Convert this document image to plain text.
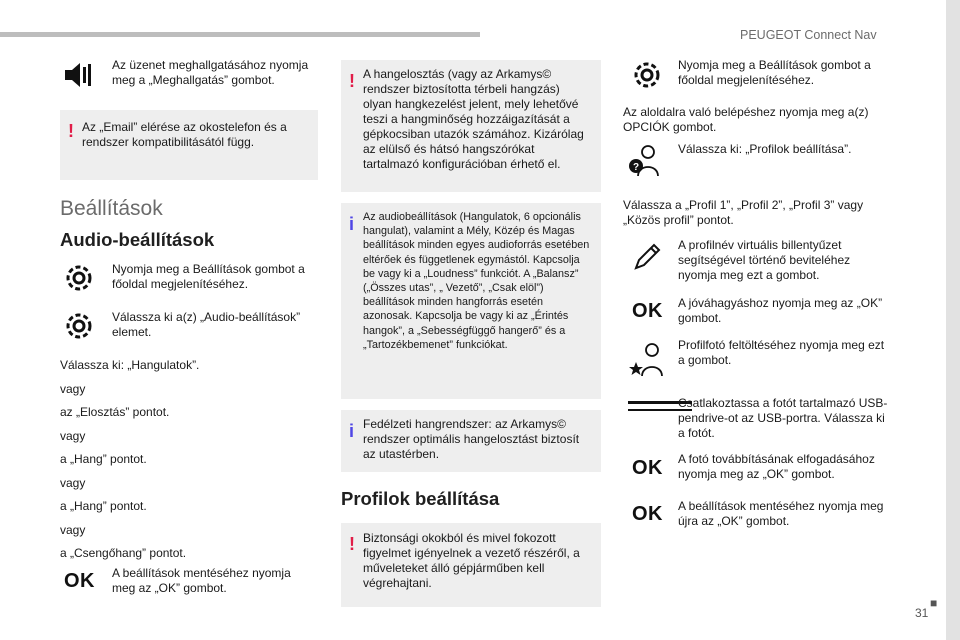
PEUGEOT Connect Nav
■
31
Az üzenet meghallgatásához nyomja meg a „Meghallgatás” gombot.
! Az „Email” elérése az okostelefon és a rendszer kompatibilitásától függ.
Beállítások
Audio-beállítások
Nyomja meg a Beállítások gombot a főoldal megjelenítéséhez.
Válassza ki a(z) „Audio-beállítások” elemet.
Válassza ki: „Hangulatok”.
vagy
az „Elosztás” pontot.
vagy
a „Hang” pontot.
vagy
a „Hang” pontot.
vagy
a „Csengőhang” pontot.
OK A beállítások mentéséhez nyomja meg az „OK” gombot.
! A hangelosztás (vagy az Arkamys© rendszer biztosította térbeli hangzás) olyan hangkezelést jelent, mely lehetővé teszi a hangminőség hozzáigazítását a gépkocsiban utazók számához. Kizárólag az elülső és hátsó hangszórókat tartalmazó konfigurációban érhető el.
i Az audiobeállítások (Hangulatok, 6 opcionális hangulat), valamint a Mély, Közép és Magas beállítások minden egyes audioforrás esetében eltérőek és függetlenek egymástól. Kapcsolja be vagy ki a „Loudness” funkciót. A „Balansz” („Összes utas”, „ Vezető”, „Csak elöl”) beállítások minden hangforrás esetén azonosak. Kapcsolja be vagy ki az „Érintés hangok”, a „Sebességfüggő hangerő” és a „Tartozékbemenet” funkciókat.
i Fedélzeti hangrendszer: az Arkamys© rendszer optimális hangelosztást biztosít az utastérben.
Profilok beállítása
! Biztonsági okokból és mivel fokozott figyelmet igényelnek a vezető részéről, a műveleteket álló gépjárműben kell végrehajtani.
Nyomja meg a Beállítások gombot a főoldal megjelenítéséhez.
Az aloldalra való belépéshez nyomja meg a(z) OPCIÓK gombot.
?
Válassza ki: „Profilok beállítása”.
Válassza a „Profil 1”, „Profil 2”, „Profil 3” vagy „Közös profil” pontot.
A profilnév virtuális billentyűzet segítségével történő beviteléhez nyomja meg ezt a gombot.
OK A jóváhagyáshoz nyomja meg az „OK” gombot.
Profilfotó feltöltéséhez nyomja meg ezt a gombot.
Csatlakoztassa a fotót tartalmazó USB-pendrive-ot az USB-portra. Válassza ki a fotót.
OK A fotó továbbításának elfogadásához nyomja meg az „OK” gombot.
OK A beállítások mentéséhez nyomja meg újra az „OK” gombot.
